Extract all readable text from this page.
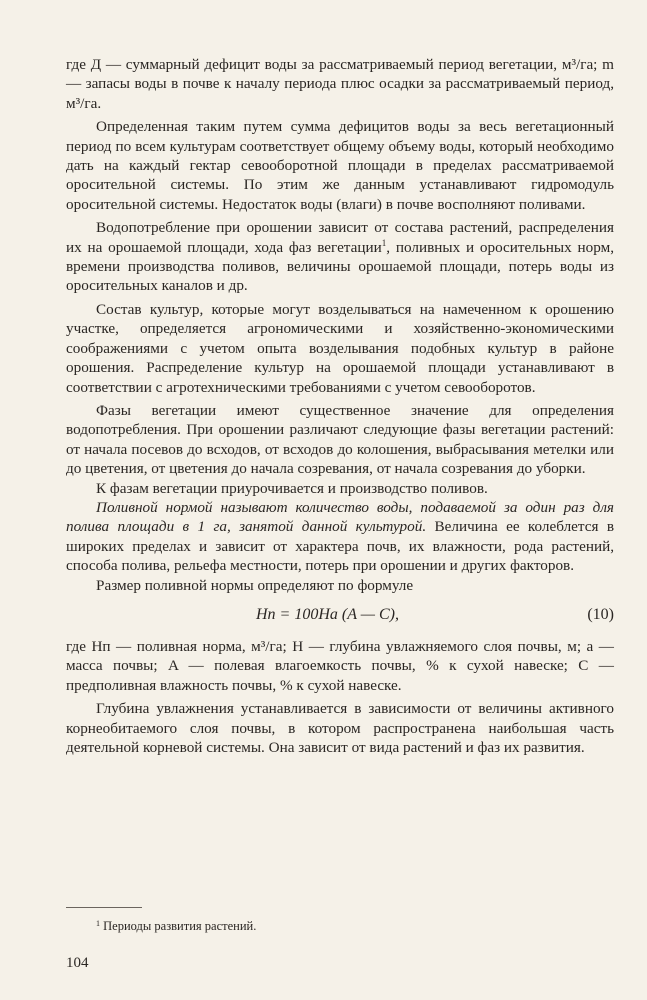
где Д — суммарный дефицит воды за рассматриваемый период вегетации, м³/га; m — запасы воды в почве к началу периода плюс осадки за рассматриваемый период, м³/га.

Определенная таким путем сумма дефицитов воды за весь вегетационный период по всем культурам соответствует общему объему воды, который необходимо дать на каждый гектар севооборотной площади в пределах рассматриваемой оросительной системы. По этим же данным устанавливают гидромодуль оросительной системы. Недостаток воды (влаги) в почве восполняют поливами.

Водопотребление при орошении зависит от состава растений, распределения их на орошаемой площади, хода фаз вегетации$^1$, поливных и оросительных норм, времени производства поливов, величины орошаемой площади, потерь воды из оросительных каналов и др.

Состав культур, которые могут возделываться на намеченном к орошению участке, определяется агрономическими и хозяйственно-экономическими соображениями с учетом опыта возделывания подобных культур в районе орошения. Распределение культур на орошаемой площади устанавливают в соответствии с агротехническими требованиями с учетом севооборотов.

Фазы вегетации имеют существенное значение для определения водопотребления. При орошении различают следующие фазы вегетации растений: от начала посевов до всходов, от всходов до колошения, выбрасывания метелки или до цветения, от цветения до начала созревания, от начала созревания до уборки.

К фазам вегетации приурочивается и производство поливов.

Поливной нормой называют количество воды, подаваемой за один раз для полива площади в 1 га, занятой данной культурой. Величина ее колеблется в широких пределах и зависит от характера почв, их влажности, рода растений, способа полива, рельефа местности, потерь при орошении и других факторов.

Размер поливной нормы определяют по формуле

Hп = 100Ha (A — C),	(10)

где Hп — поливная норма, м³/га; H — глубина увлажняемого слоя почвы, м; a — масса почвы; A — полевая влагоемкость почвы, % к сухой навеске; C — предполивная влажность почвы, % к сухой навеске.

Глубина увлажнения устанавливается в зависимости от величины активного корнеобитаемого слоя почвы, в котором распространена наибольшая часть деятельной корневой системы. Она зависит от вида растений и фаз их развития.

$^1$ Периоды развития растений.
104
